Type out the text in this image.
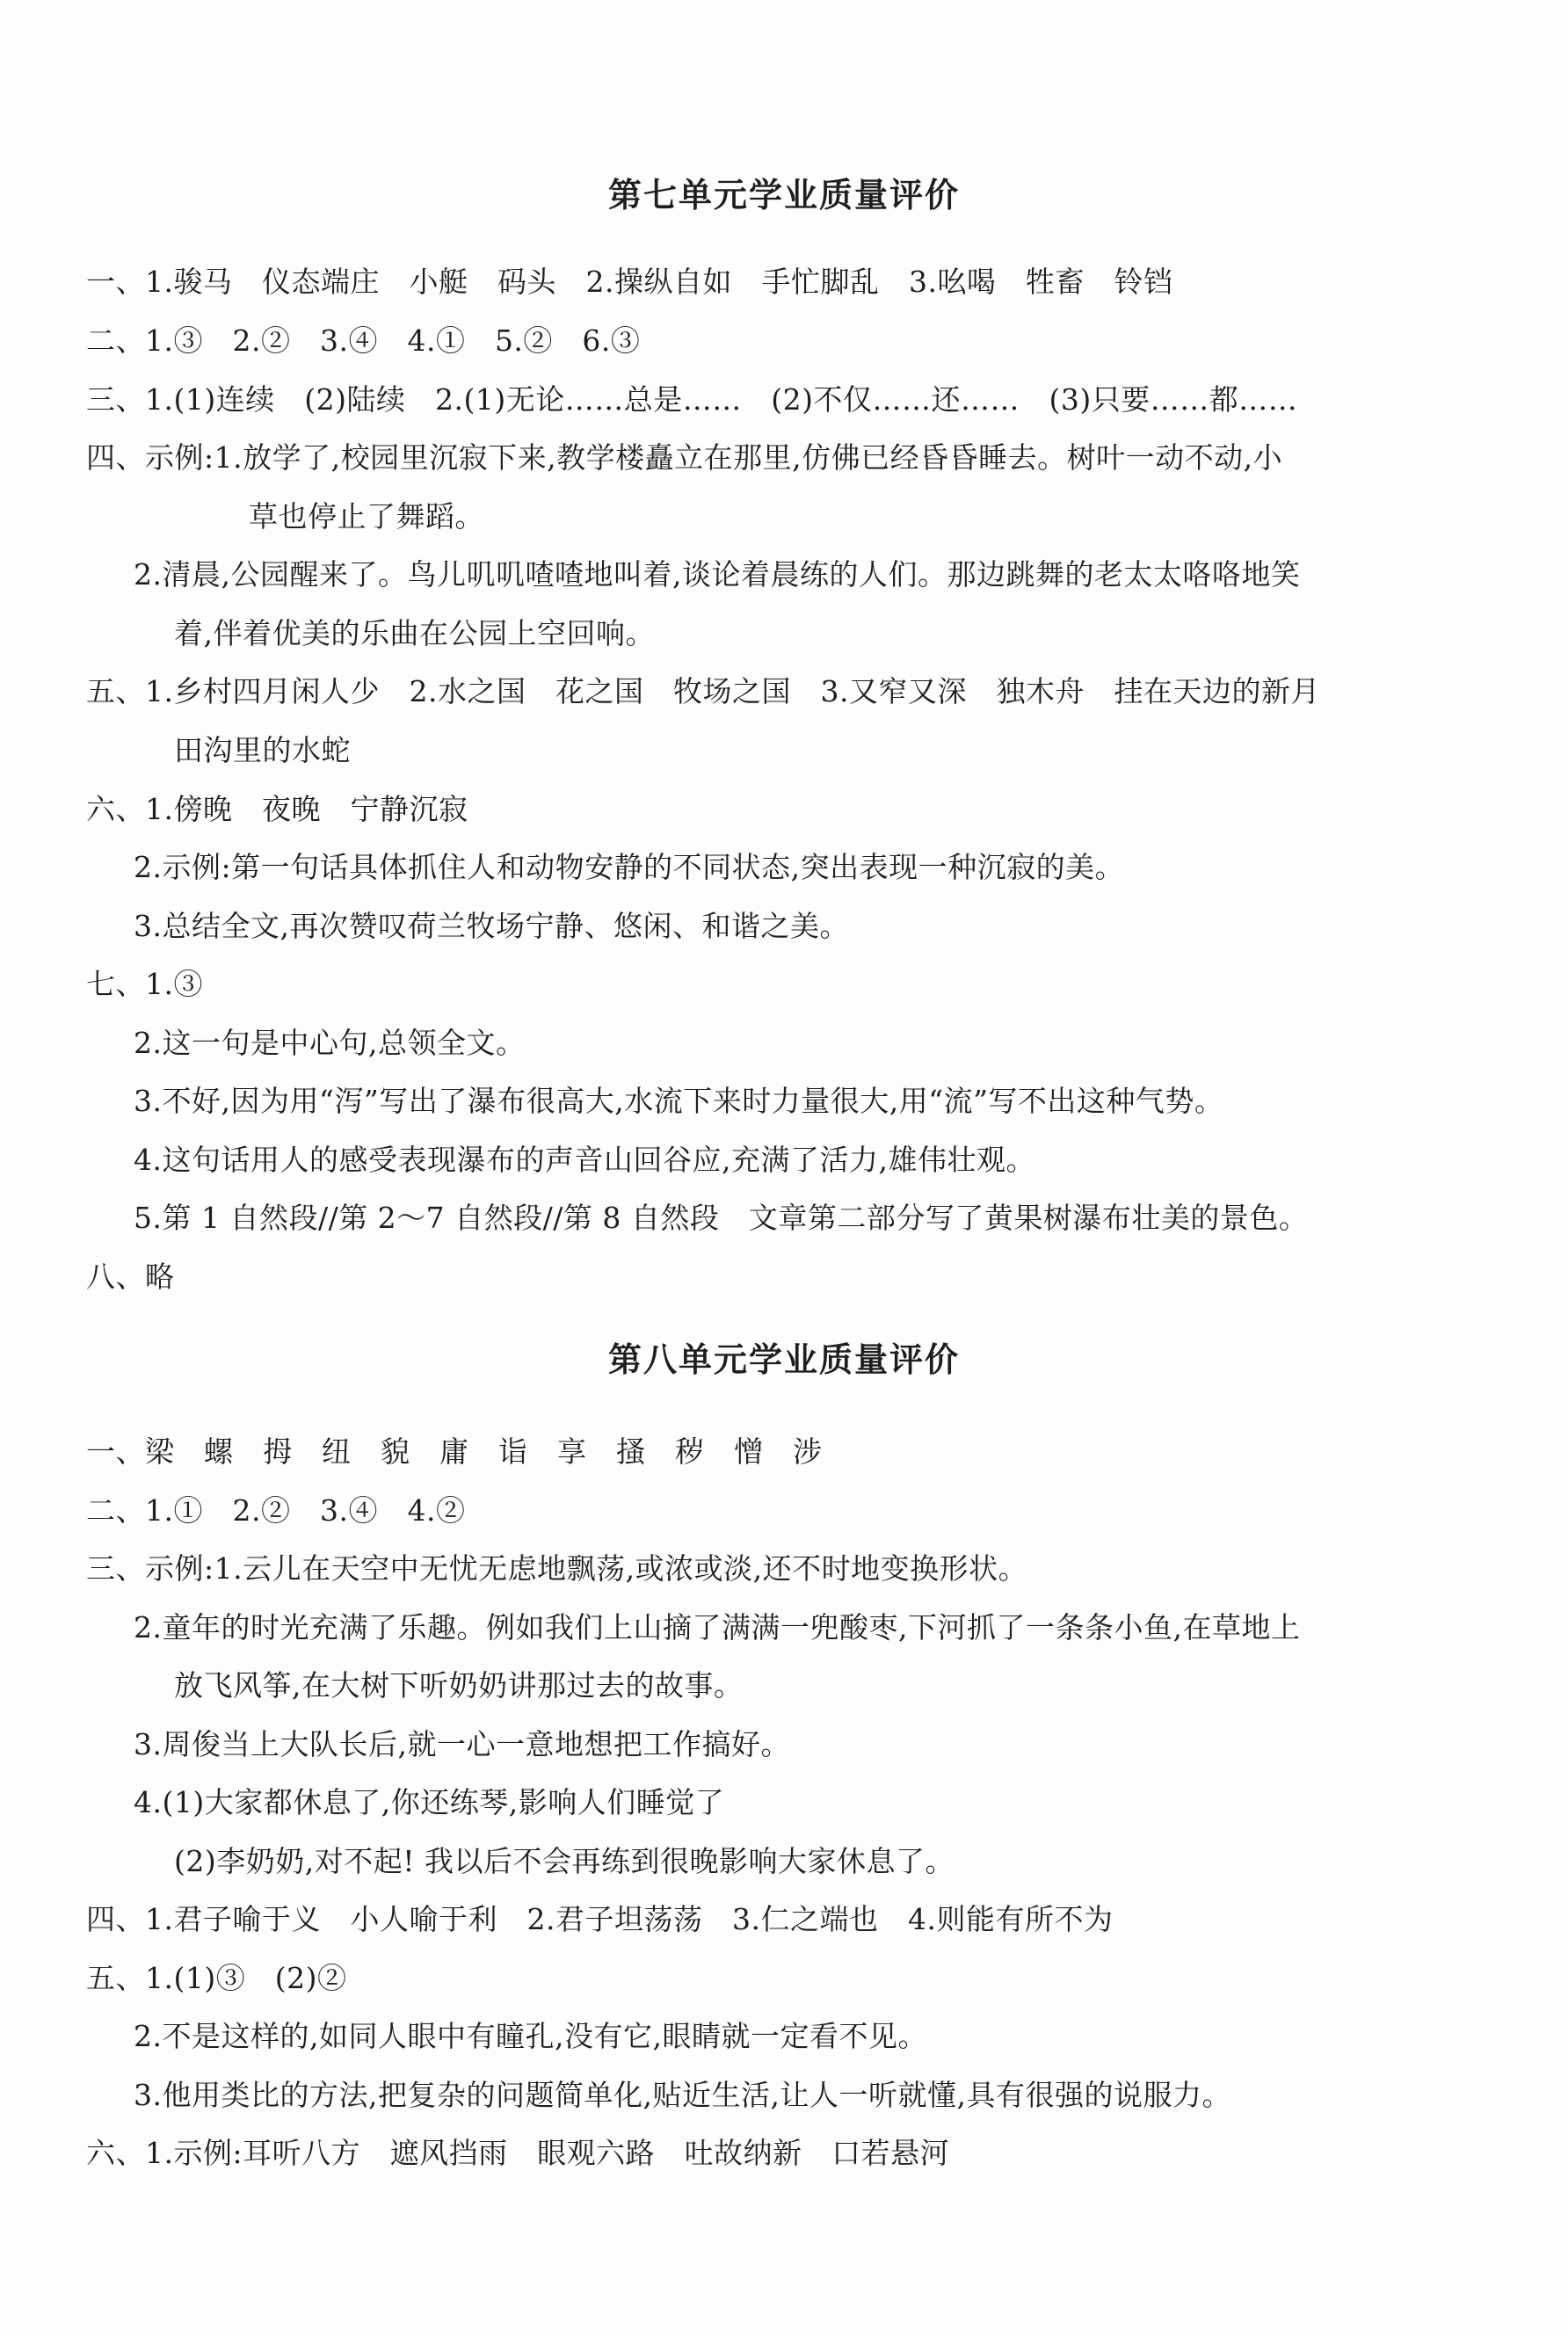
第七单元学业质量评价
一、1.骏马　仪态端庄　小艇　码头　2.操纵自如　手忙脚乱　3.吆喝　牲畜　铃铛
二、1.③　2.②　3.④　4.①　5.②　6.③
三、1.(1)连续　(2)陆续　2.(1)无论……总是……　(2)不仅……还……　(3)只要……都……
四、示例:1.放学了,校园里沉寂下来,教学楼矗立在那里,仿佛已经昏昏睡去。树叶一动不动,小
草也停止了舞蹈。
2.清晨,公园醒来了。鸟儿叽叽喳喳地叫着,谈论着晨练的人们。那边跳舞的老太太咯咯地笑
着,伴着优美的乐曲在公园上空回响。
五、1.乡村四月闲人少　2.水之国　花之国　牧场之国　3.又窄又深　独木舟　挂在天边的新月
田沟里的水蛇
六、1.傍晚　夜晚　宁静沉寂
2.示例:第一句话具体抓住人和动物安静的不同状态,突出表现一种沉寂的美。
3.总结全文,再次赞叹荷兰牧场宁静、悠闲、和谐之美。
七、1.③
2.这一句是中心句,总领全文。
3.不好,因为用“泻”写出了瀑布很高大,水流下来时力量很大,用“流”写不出这种气势。
4.这句话用人的感受表现瀑布的声音山回谷应,充满了活力,雄伟壮观。
5.第 1 自然段//第 2～7 自然段//第 8 自然段　文章第二部分写了黄果树瀑布壮美的景色。
八、略
第八单元学业质量评价
一、梁　螺　拇　纽　貌　庸　诣　享　搔　秽　憎　涉
二、1.①　2.②　3.④　4.②
三、示例:1.云儿在天空中无忧无虑地飘荡,或浓或淡,还不时地变换形状。
2.童年的时光充满了乐趣。例如我们上山摘了满满一兜酸枣,下河抓了一条条小鱼,在草地上
放飞风筝,在大树下听奶奶讲那过去的故事。
3.周俊当上大队长后,就一心一意地想把工作搞好。
4.(1)大家都休息了,你还练琴,影响人们睡觉了
(2)李奶奶,对不起! 我以后不会再练到很晚影响大家休息了。
四、1.君子喻于义　小人喻于利　2.君子坦荡荡　3.仁之端也　4.则能有所不为
五、1.(1)③　(2)②
2.不是这样的,如同人眼中有瞳孔,没有它,眼睛就一定看不见。
3.他用类比的方法,把复杂的问题简单化,贴近生活,让人一听就懂,具有很强的说服力。
六、1.示例:耳听八方　遮风挡雨　眼观六路　吐故纳新　口若悬河
